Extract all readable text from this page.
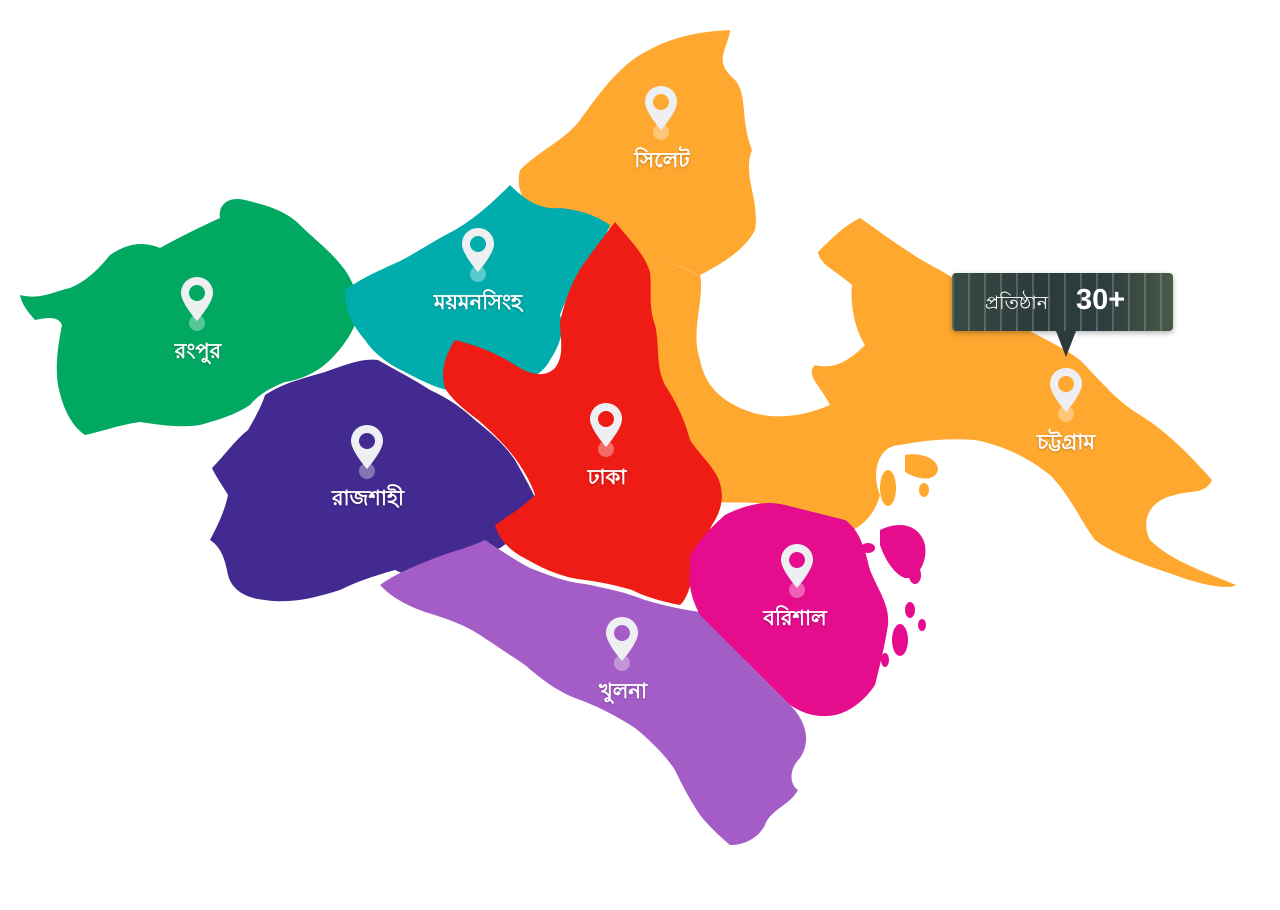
সিলেট
ময়মনসিংহ
রংপুর
রাজশাহী
ঢাকা
চট্টগ্রাম
বরিশাল
খুলনা
প্রতিষ্ঠান 30+
